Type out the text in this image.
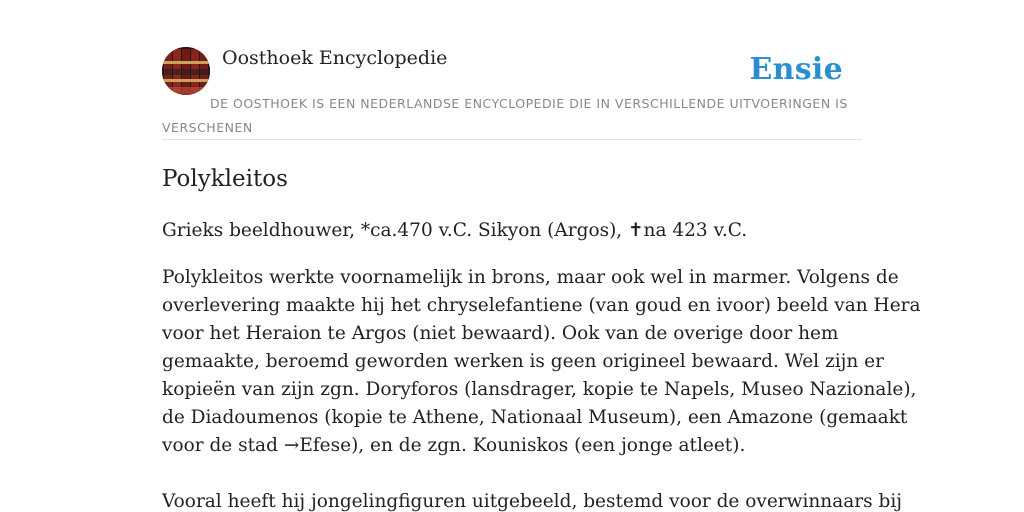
Oosthoek Encyclopedie	Ensie
DE OOSTHOEK IS EEN NEDERLANDSE ENCYCLOPEDIE DIE IN VERSCHILLENDE UITVOERINGEN IS VERSCHENEN
Polykleitos

Grieks beeldhouwer, *ca.470 v.C. Sikyon (Argos), ✝na 423 v.C.

Polykleitos werkte voornamelijk in brons, maar ook wel in marmer. Volgens de
overlevering maakte hij het chryselefantiene (van goud en ivoor) beeld van Hera
voor het Heraion te Argos (niet bewaard). Ook van de overige door hem
gemaakte, beroemd geworden werken is geen origineel bewaard. Wel zijn er
kopieën van zijn zgn. Doryforos (lansdrager, kopie te Napels, Museo Nazionale),
de Diadoumenos (kopie te Athene, Nationaal Museum), een Amazone (gemaakt
voor de stad →Efese), en de zgn. Kouniskos (een jonge atleet).

Vooral heeft hij jongelingfiguren uitgebeeld, bestemd voor de overwinnaars bij
